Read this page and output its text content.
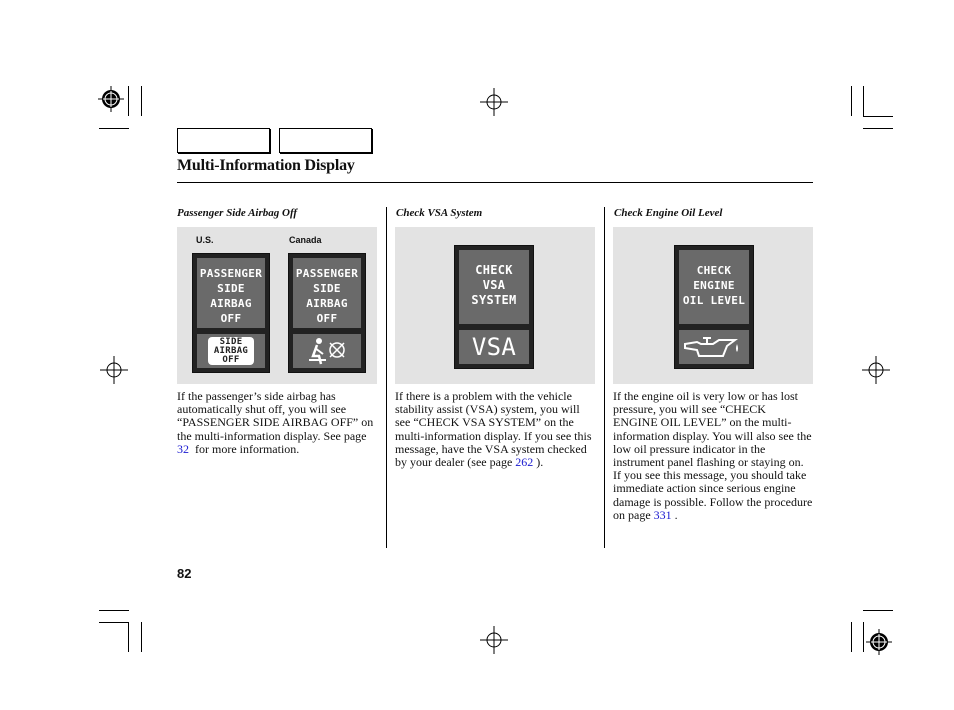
Multi-Information Display
Passenger Side Airbag Off
U.S.	Canada
PASSENGER
SIDE
AIRBAG OFF
SIDE
AIRBAG
OFF
PASSENGER
SIDE
AIRBAG OFF
If the passenger’s side airbag has automatically shut off, you will see “PASSENGER SIDE AIRBAG OFF” on the multi-information display. See page 32  for more information.
Check VSA System
CHECK
VSA
SYSTEM
VSA
If there is a problem with the vehicle stability assist (VSA) system, you will see “CHECK VSA SYSTEM” on the multi-information display. If you see this message, have the VSA system checked by your dealer (see page 262 ).
Check Engine Oil Level
CHECK
ENGINE
OIL LEVEL
If the engine oil is very low or has lost pressure, you will see “CHECK ENGINE OIL LEVEL” on the multi-information display. You will also see the low oil pressure indicator in the instrument panel flashing or staying on. If you see this message, you should take immediate action since serious engine damage is possible. Follow the procedure on page 331 .
82
